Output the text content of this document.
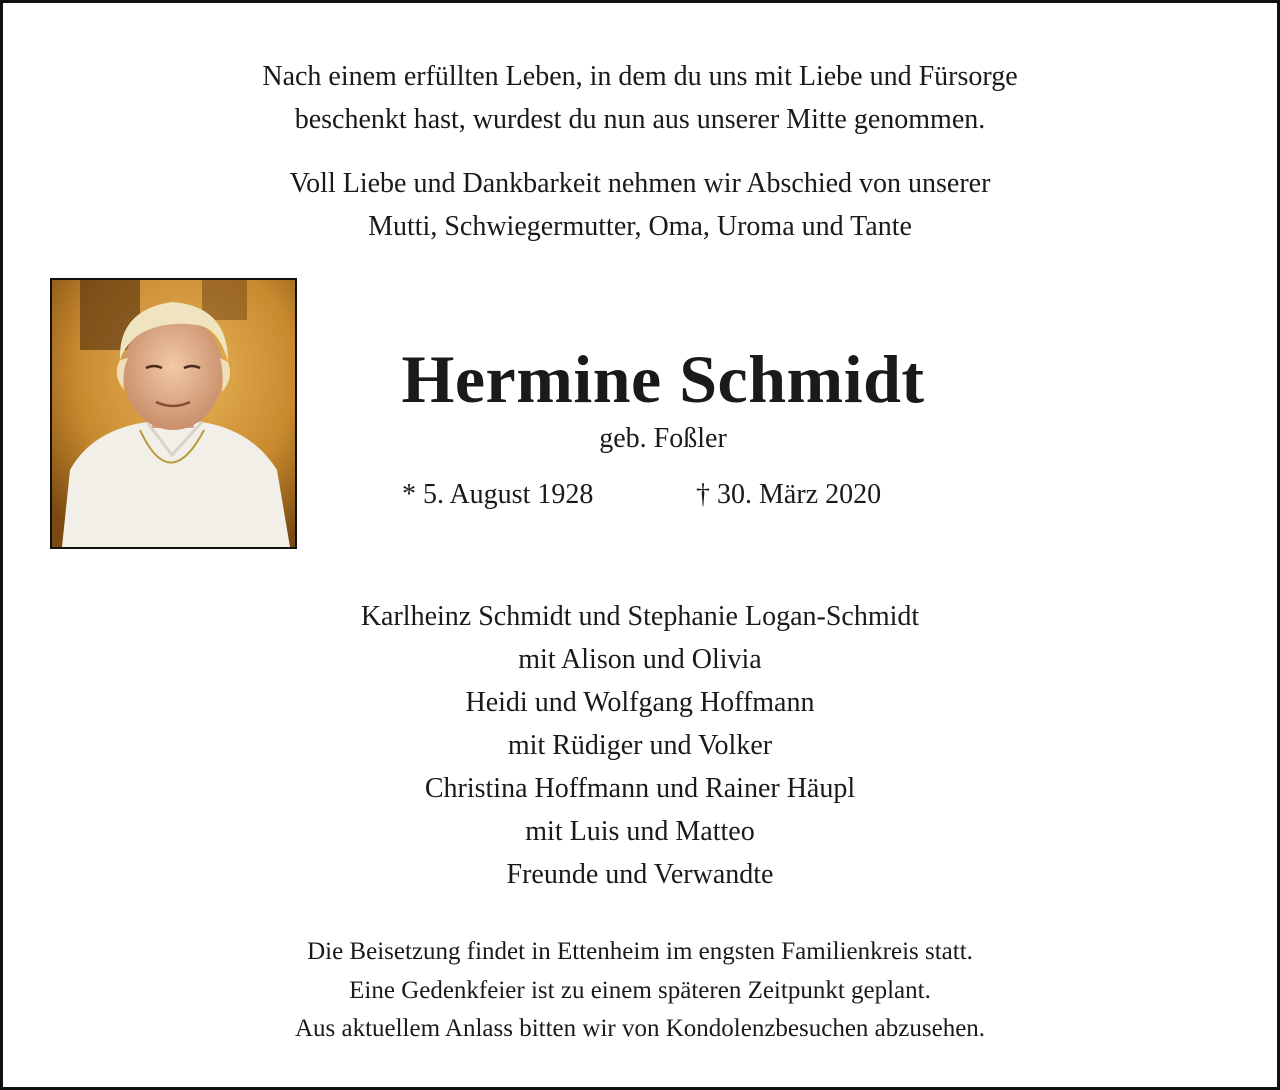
Nach einem erfüllten Leben, in dem du uns mit Liebe und Fürsorge
beschenkt hast, wurdest du nun aus unserer Mitte genommen.

Voll Liebe und Dankbarkeit nehmen wir Abschied von unserer
Mutti, Schwiegermutter, Oma, Uroma und Tante

Hermine Schmidt
geb. Foßler
* 5. August 1928	† 30. März 2020
Karlheinz Schmidt und Stephanie Logan-Schmidt
mit Alison und Olivia
Heidi und Wolfgang Hoffmann
mit Rüdiger und Volker
Christina Hoffmann und Rainer Häupl
mit Luis und Matteo
Freunde und Verwandte
Die Beisetzung findet in Ettenheim im engsten Familienkreis statt.
Eine Gedenkfeier ist zu einem späteren Zeitpunkt geplant.
Aus aktuellem Anlass bitten wir von Kondolenzbesuchen abzusehen.
